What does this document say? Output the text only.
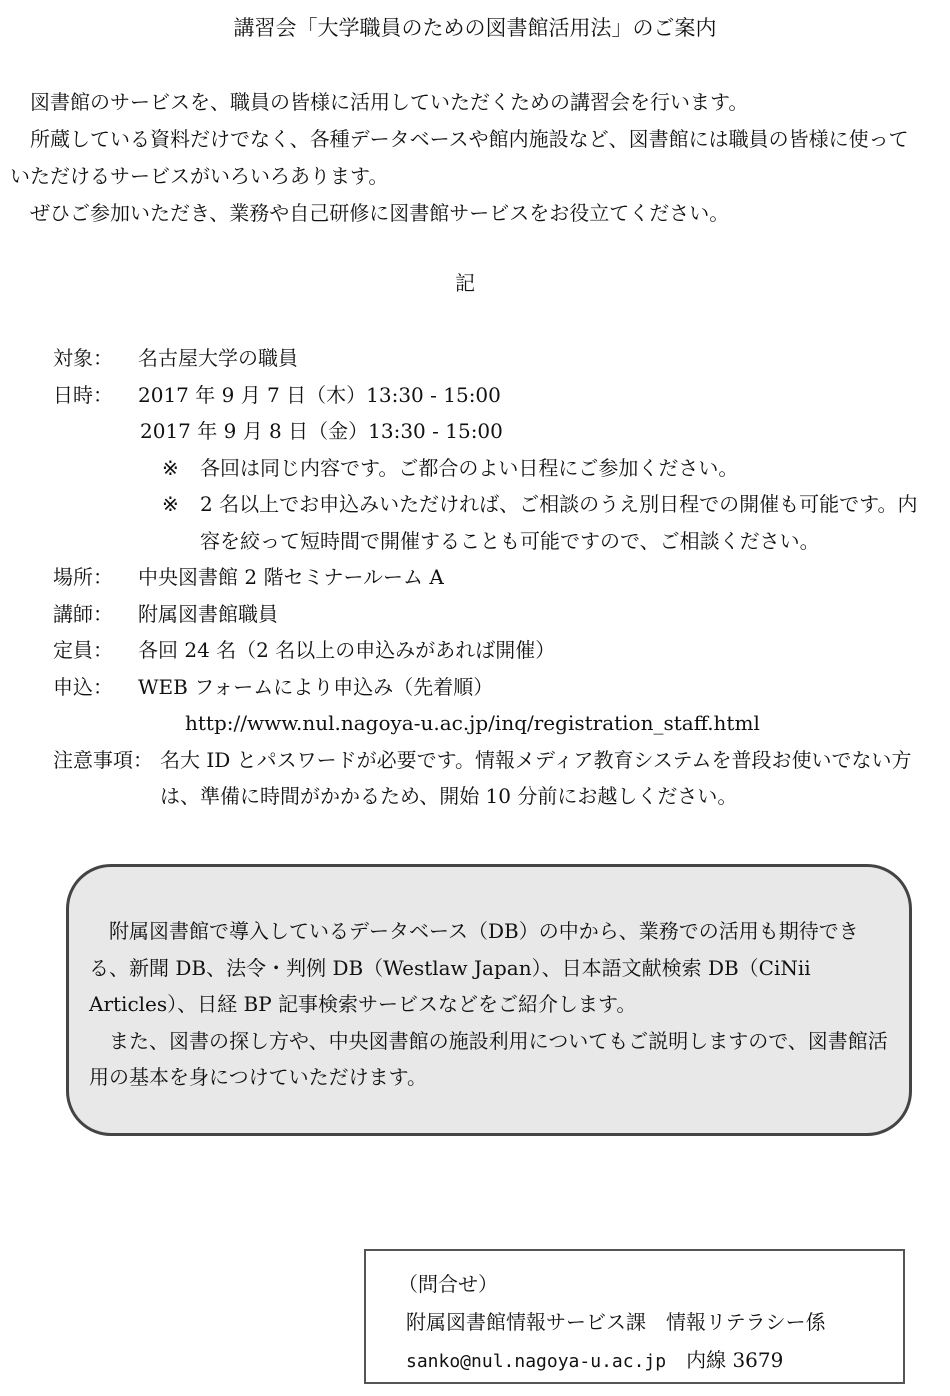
講習会「大学職員のための図書館活用法」のご案内

　図書館のサービスを、職員の皆様に活用していただくための講習会を行います。

　所蔵している資料だけでなく、各種データベースや館内施設など、図書館には職員の皆様に使っていただけるサービスがいろいろあります。

　ぜひご参加いただき、業務や自己研修に図書館サービスをお役立てください。

記
対象：	名古屋大学の職員
日時：	2017 年 9 月 7 日（木）13:30 - 15:00
2017 年 9 月 8 日（金）13:30 - 15:00
※	各回は同じ内容です。ご都合のよい日程にご参加ください。
※	2 名以上でお申込みいただければ、ご相談のうえ別日程での開催も可能です。内容を絞って短時間で開催することも可能ですので、ご相談ください。
場所：	中央図書館 2 階セミナールーム A
講師：	附属図書館職員
定員：	各回 24 名（2 名以上の申込みがあれば開催）
申込：	WEB フォームにより申込み（先着順）
http://www.nul.nagoya-u.ac.jp/inq/registration_staff.html
注意事項： 名大 ID とパスワードが必要です。情報メディア教育システムを普段お使いでない方は、準備に時間がかかるため、開始 10 分前にお越しください。

附属図書館で導入しているデータベース（DB）の中から、業務での活用も期待できる、新聞 DB、法令・判例 DB（Westlaw Japan）、日本語文献検索 DB（CiNii Articles）、日経 BP 記事検索サービスなどをご紹介します。

また、図書の探し方や、中央図書館の施設利用についてもご説明しますので、図書館活用の基本を身につけていただけます。

（問合せ）
附属図書館情報サービス課　情報リテラシー係
sanko@nul.nagoya-u.ac.jp　 内線 3679
